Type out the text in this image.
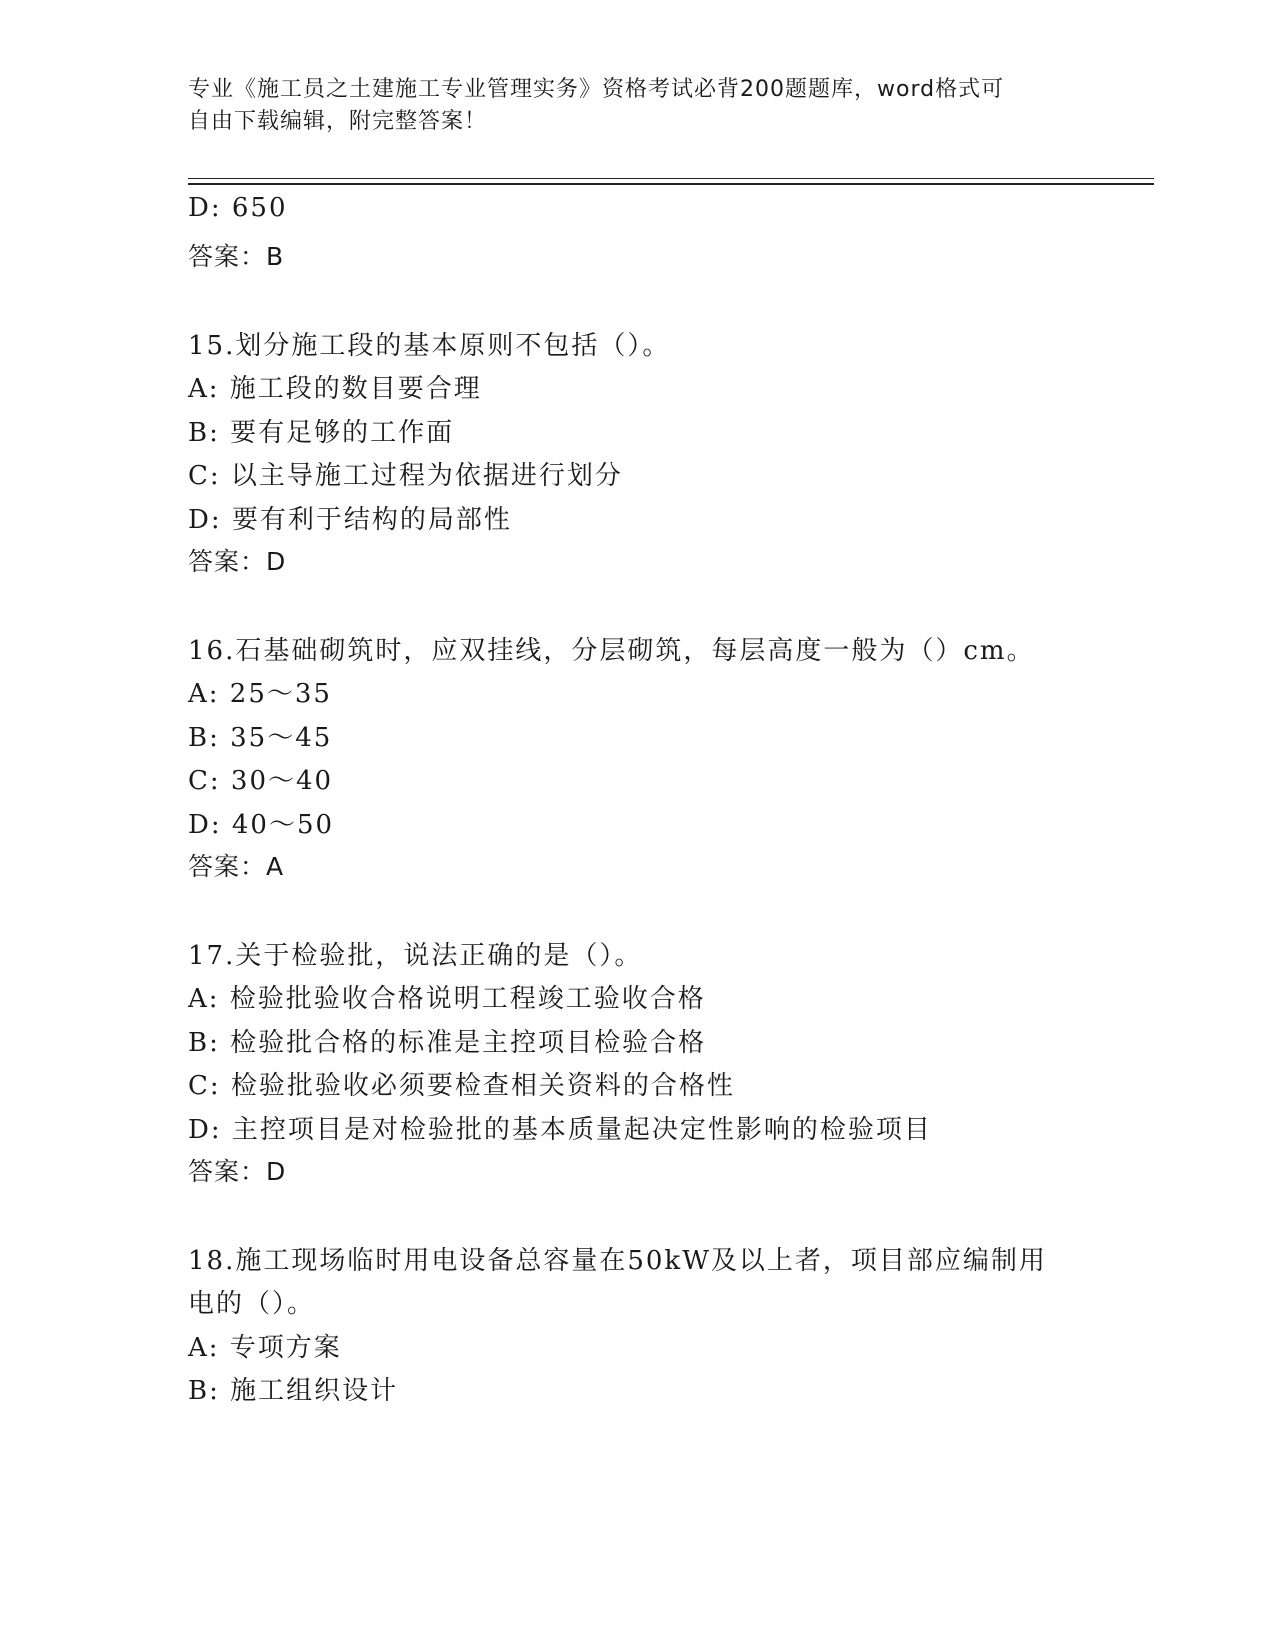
专业《施工员之土建施工专业管理实务》资格考试必背200题题库，word格式可
自由下载编辑，附完整答案！
D: 650
答案：B
15.划分施工段的基本原则不包括（）。
A: 施工段的数目要合理
B: 要有足够的工作面
C: 以主导施工过程为依据进行划分
D: 要有利于结构的局部性
答案：D
16.石基础砌筑时，应双挂线，分层砌筑，每层高度一般为（）cm。
A: 25～35
B: 35～45
C: 30～40
D: 40～50
答案：A
17.关于检验批，说法正确的是（）。
A: 检验批验收合格说明工程竣工验收合格
B: 检验批合格的标准是主控项目检验合格
C: 检验批验收必须要检查相关资料的合格性
D: 主控项目是对检验批的基本质量起决定性影响的检验项目
答案：D
18.施工现场临时用电设备总容量在50kW及以上者，项目部应编制用
电的（）。
A: 专项方案
B: 施工组织设计
